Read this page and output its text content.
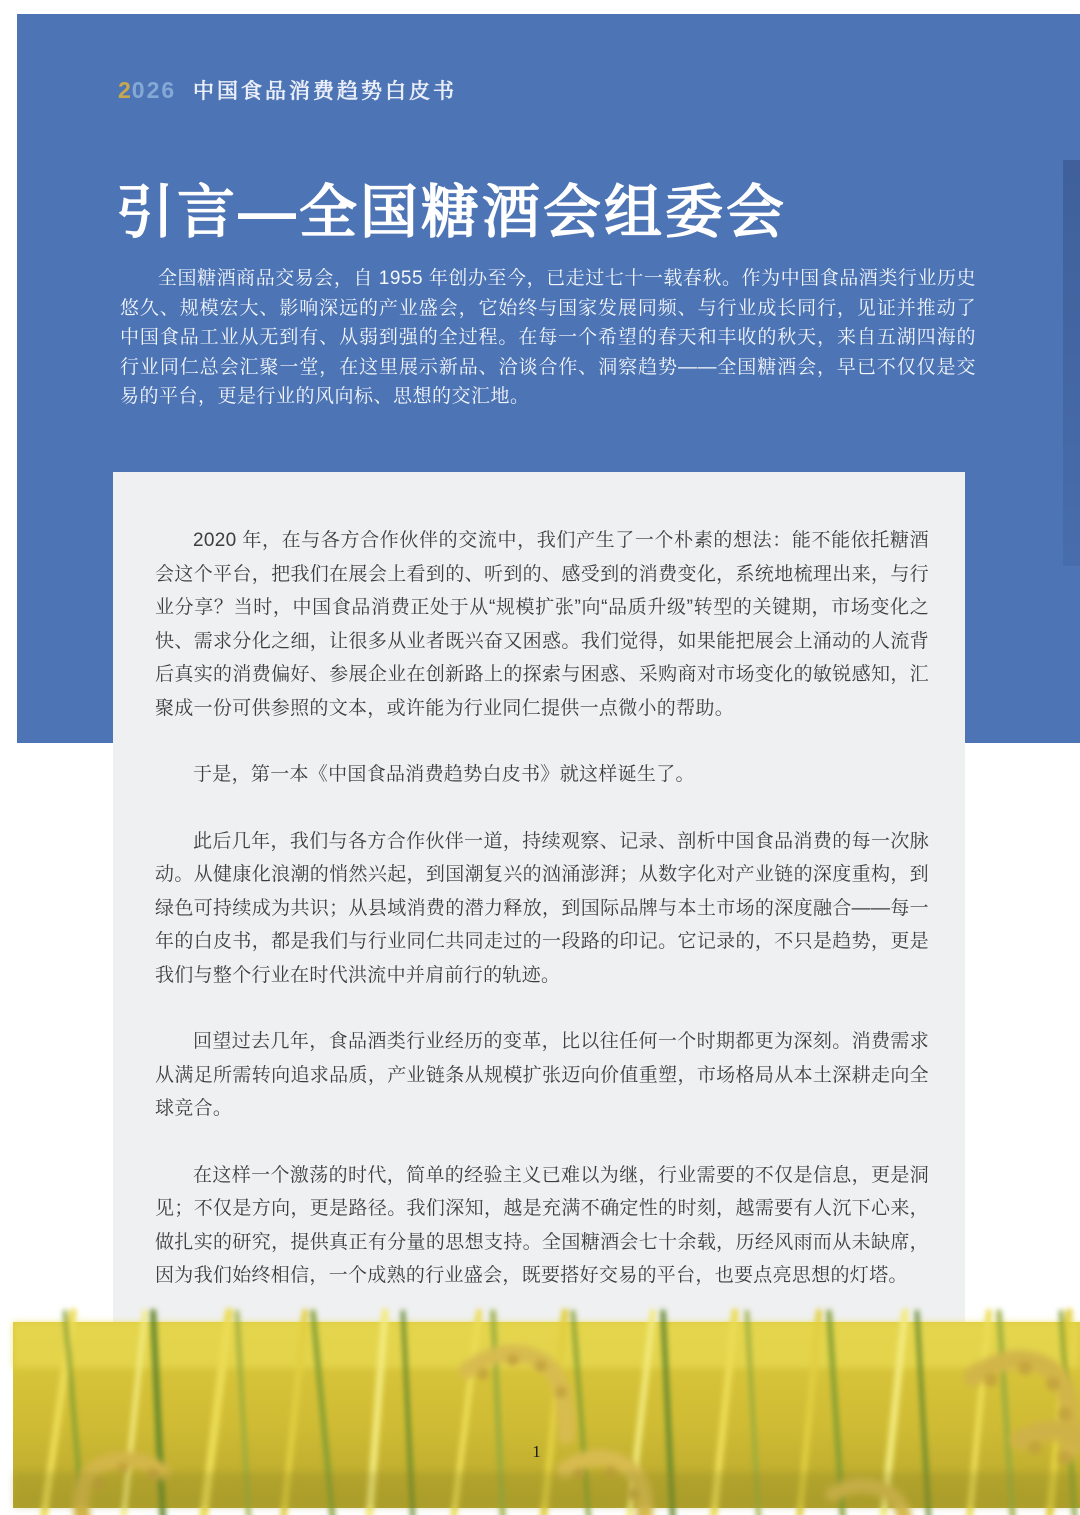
2026 中国食品消费趋势白皮书
引言—全国糖酒会组委会

全国糖酒商品交易会，自 1955 年创办至今，已走过七十一载春秋。作为中国食品酒类行业历史悠久、规模宏大、影响深远的产业盛会，它始终与国家发展同频、与行业成长同行，见证并推动了中国食品工业从无到有、从弱到强的全过程。在每一个希望的春天和丰收的秋天，来自五湖四海的行业同仁总会汇聚一堂，在这里展示新品、洽谈合作、洞察趋势——全国糖酒会，早已不仅仅是交易的平台，更是行业的风向标、思想的交汇地。

2020 年，在与各方合作伙伴的交流中，我们产生了一个朴素的想法：能不能依托糖酒会这个平台，把我们在展会上看到的、听到的、感受到的消费变化，系统地梳理出来，与行业分享？当时，中国食品消费正处于从“规模扩张”向“品质升级”转型的关键期，市场变化之快、需求分化之细，让很多从业者既兴奋又困惑。我们觉得，如果能把展会上涌动的人流背后真实的消费偏好、参展企业在创新路上的探索与困惑、采购商对市场变化的敏锐感知，汇聚成一份可供参照的文本，或许能为行业同仁提供一点微小的帮助。

于是，第一本《中国食品消费趋势白皮书》就这样诞生了。

此后几年，我们与各方合作伙伴一道，持续观察、记录、剖析中国食品消费的每一次脉动。从健康化浪潮的悄然兴起，到国潮复兴的汹涌澎湃；从数字化对产业链的深度重构，到绿色可持续成为共识；从县域消费的潜力释放，到国际品牌与本土市场的深度融合——每一年的白皮书，都是我们与行业同仁共同走过的一段路的印记。它记录的，不只是趋势，更是我们与整个行业在时代洪流中并肩前行的轨迹。

回望过去几年，食品酒类行业经历的变革，比以往任何一个时期都更为深刻。消费需求从满足所需转向追求品质，产业链条从规模扩张迈向价值重塑，市场格局从本土深耕走向全球竞合。

在这样一个激荡的时代，简单的经验主义已难以为继，行业需要的不仅是信息，更是洞见；不仅是方向，更是路径。我们深知，越是充满不确定性的时刻，越需要有人沉下心来，做扎实的研究，提供真正有分量的思想支持。全国糖酒会七十余载，历经风雨而从未缺席，因为我们始终相信，一个成熟的行业盛会，既要搭好交易的平台，也要点亮思想的灯塔。

1
